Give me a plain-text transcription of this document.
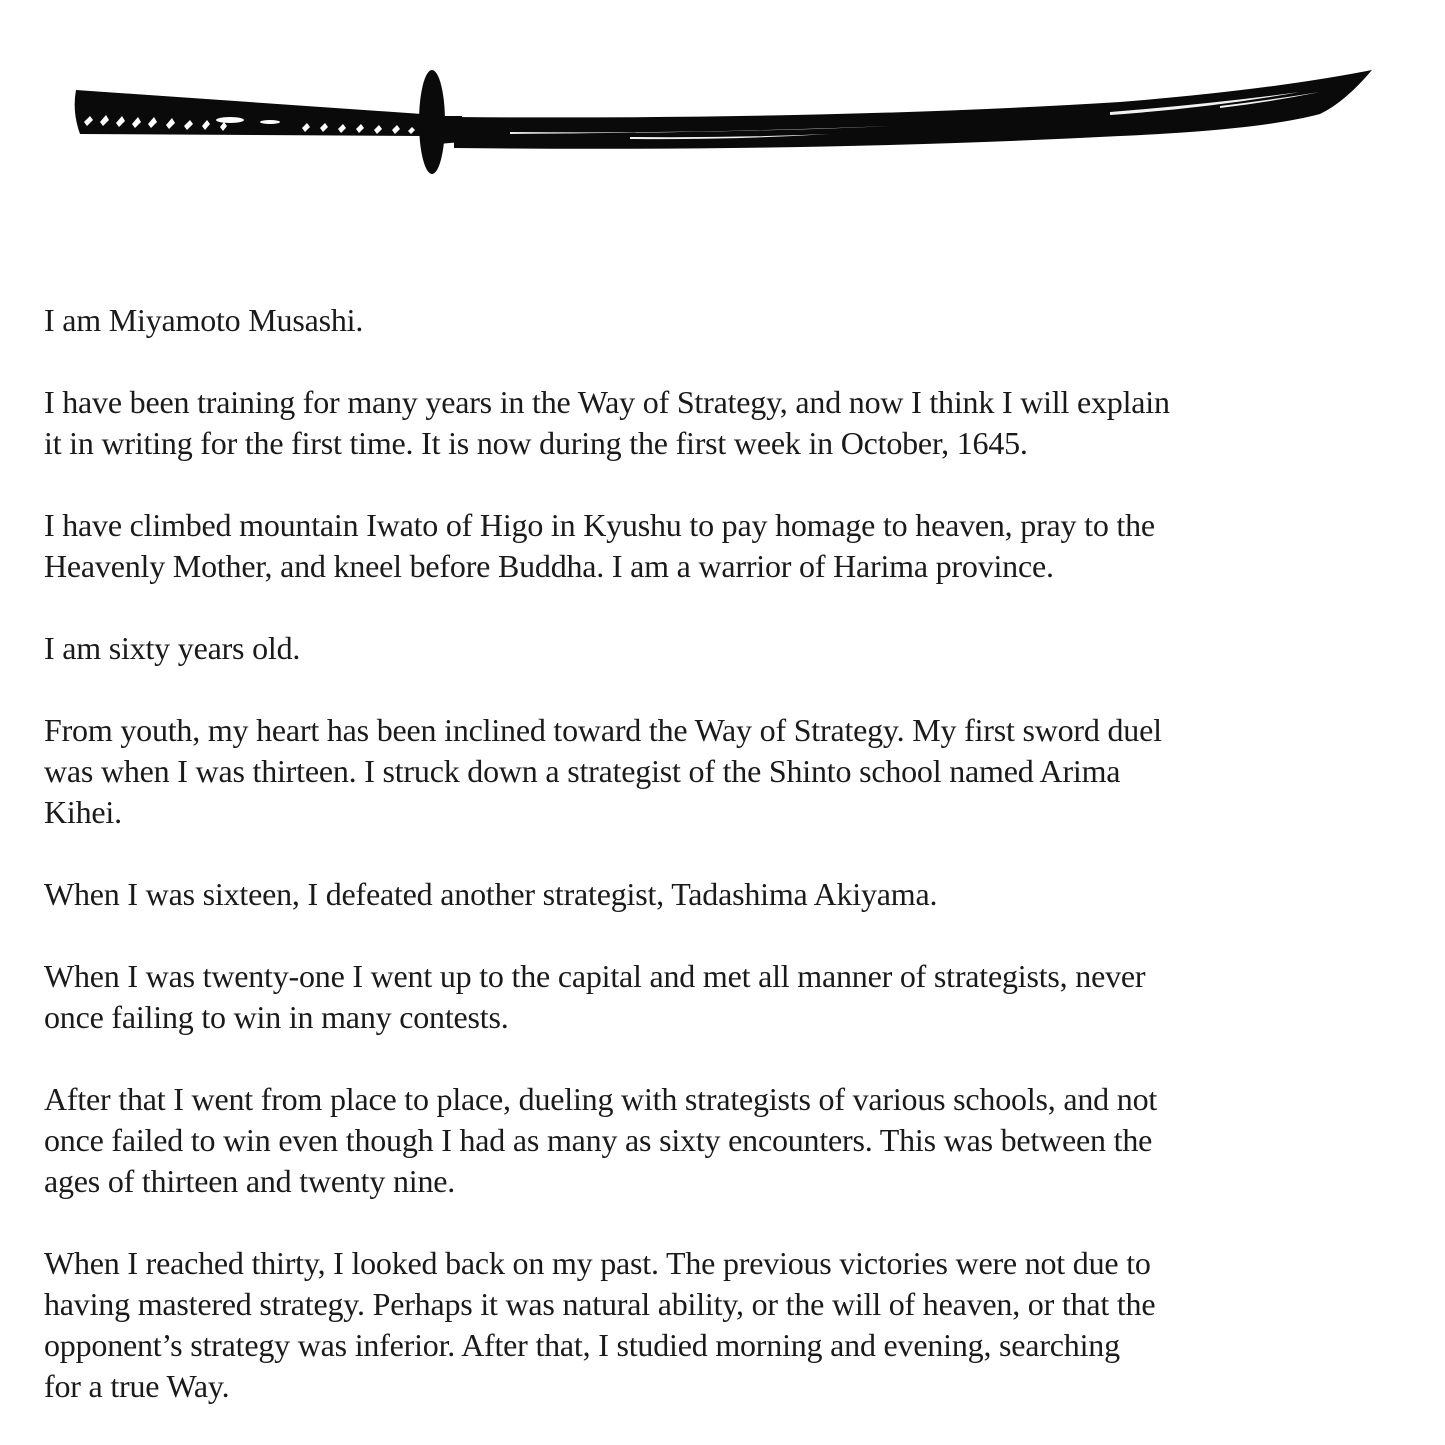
I am Miyamoto Musashi.

I have been training for many years in the Way of Strategy, and now I think I will explain
it in writing for the first time. It is now during the first week in October, 1645.

I have climbed mountain Iwato of Higo in Kyushu to pay homage to heaven, pray to the
Heavenly Mother, and kneel before Buddha. I am a warrior of Harima province.

I am sixty years old.

From youth, my heart has been inclined toward the Way of Strategy. My first sword duel
was when I was thirteen. I struck down a strategist of the Shinto school named Arima
Kihei.

When I was sixteen, I defeated another strategist, Tadashima Akiyama.

When I was twenty-one I went up to the capital and met all manner of strategists, never
once failing to win in many contests.

After that I went from place to place, dueling with strategists of various schools, and not
once failed to win even though I had as many as sixty encounters. This was between the
ages of thirteen and twenty nine.

When I reached thirty, I looked back on my past. The previous victories were not due to
having mastered strategy. Perhaps it was natural ability, or the will of heaven, or that the
opponent’s strategy was inferior. After that, I studied morning and evening, searching
for a true Way.
